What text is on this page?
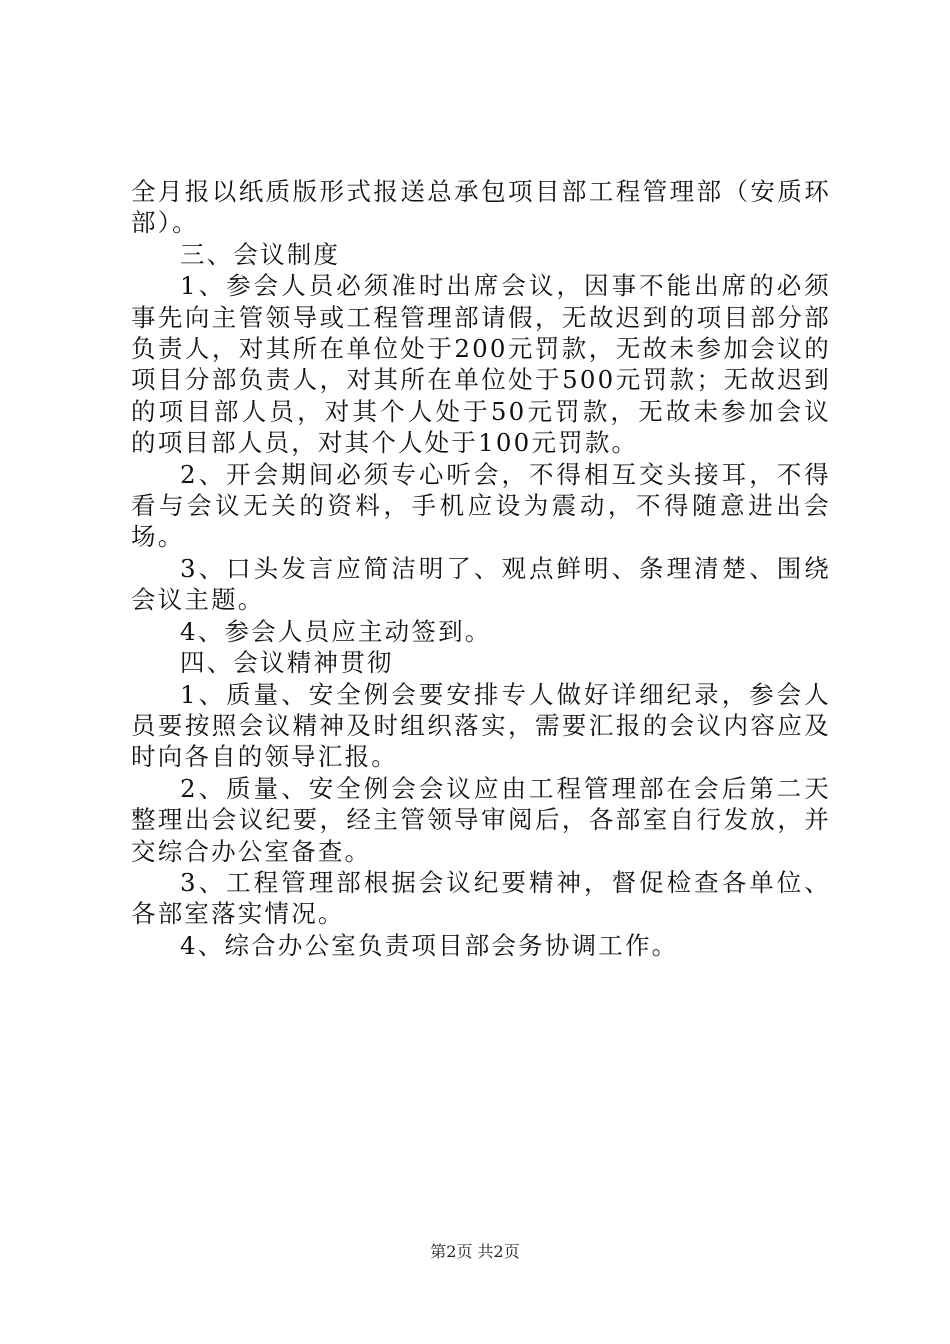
全月报以纸质版形式报送总承包项目部工程管理部（安质环部）。

三、会议制度

1、参会人员必须准时出席会议，因事不能出席的必须事先向主管领导或工程管理部请假，无故迟到的项目部分部负责人，对其所在单位处于200元罚款，无故未参加会议的项目分部负责人，对其所在单位处于500元罚款；无故迟到的项目部人员，对其个人处于50元罚款，无故未参加会议的项目部人员，对其个人处于100元罚款。

2、开会期间必须专心听会，不得相互交头接耳，不得看与会议无关的资料，手机应设为震动，不得随意进出会场。

3、口头发言应简洁明了、观点鲜明、条理清楚、围绕会议主题。

4、参会人员应主动签到。

四、会议精神贯彻

1、质量、安全例会要安排专人做好详细纪录，参会人员要按照会议精神及时组织落实，需要汇报的会议内容应及时向各自的领导汇报。

2、质量、安全例会会议应由工程管理部在会后第二天整理出会议纪要，经主管领导审阅后，各部室自行发放，并交综合办公室备查。

3、工程管理部根据会议纪要精神，督促检查各单位、各部室落实情况。

4、综合办公室负责项目部会务协调工作。

第2页 共2页
